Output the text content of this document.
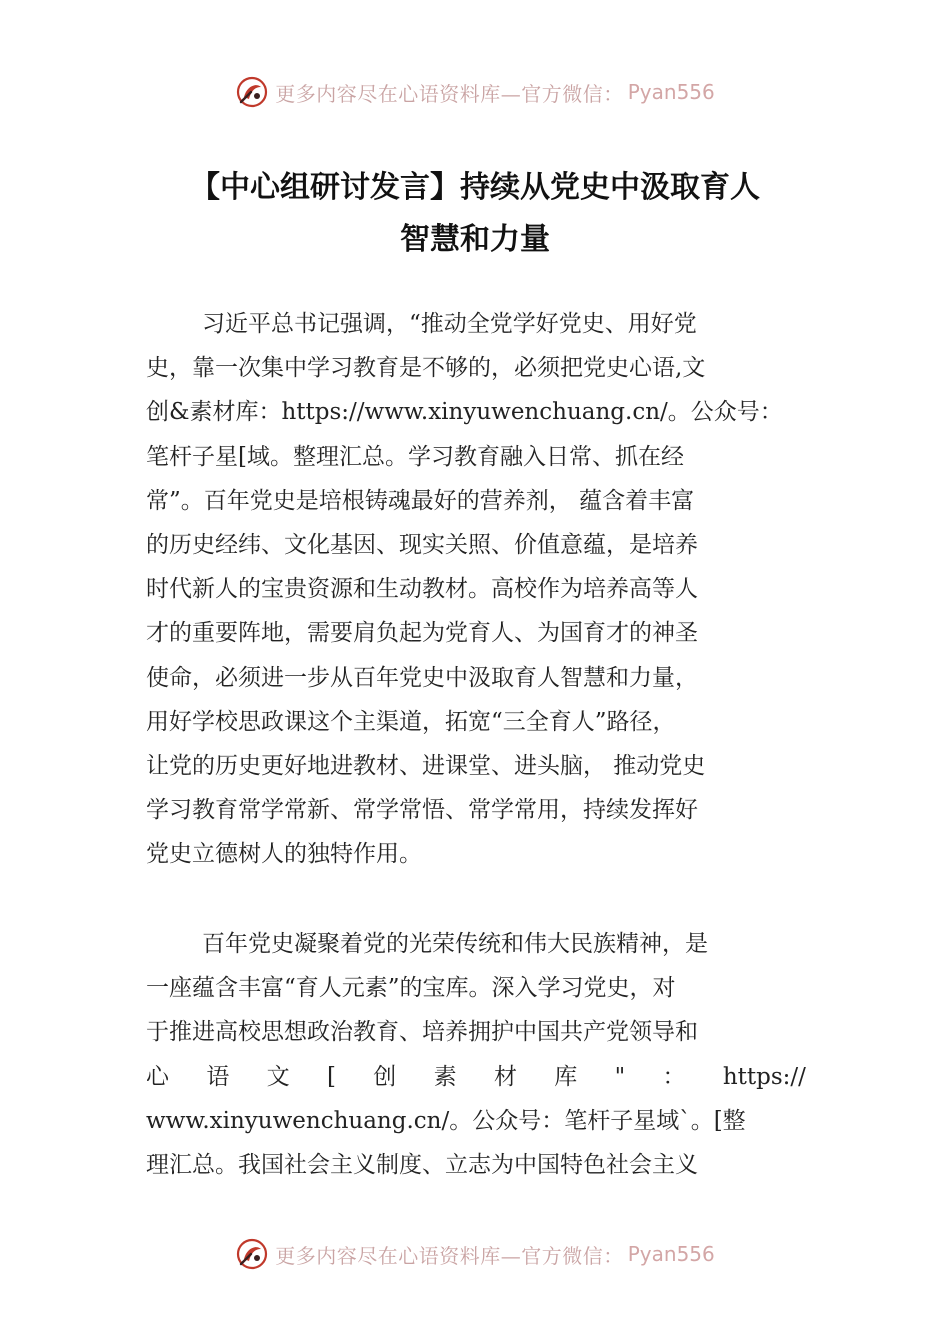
更多内容尽在心语资料库—官方微信： Pyan556
【中心组研讨发言】持续从党史中汲取育人
智慧和力量
习近平总书记强调，“推动全党学好党史、用好党
史，靠一次集中学习教育是不够的，必须把党史心语,文
创&素材库：https://www.xinyuwenchuang.cn/。公众号：
笔杆子星[域。整理汇总。学习教育融入日常、抓在经
常”。百年党史是培根铸魂最好的营养剂， 蕴含着丰富
的历史经纬、文化基因、现实关照、价值意蕴，是培养
时代新人的宝贵资源和生动教材。高校作为培养高等人
才的重要阵地，需要肩负起为党育人、为国育才的神圣
使命，必须进一步从百年党史中汲取育人智慧和力量，
用好学校思政课这个主渠道，拓宽“三全育人”路径，
让党的历史更好地进教材、进课堂、进头脑， 推动党史
学习教育常学常新、常学常悟、常学常用，持续发挥好
党史立德树人的独特作用。
百年党史凝聚着党的光荣传统和伟大民族精神，是
一座蕴含丰富“育人元素”的宝库。深入学习党史，对
于推进高校思想政治教育、培养拥护中国共产党领导和
心 语 文 [ 创 素 材 库 " ： https://
www.xinyuwenchuang.cn/。公众号：笔杆子星域`。[整
理汇总。我国社会主义制度、立志为中国特色社会主义
更多内容尽在心语资料库—官方微信： Pyan556
